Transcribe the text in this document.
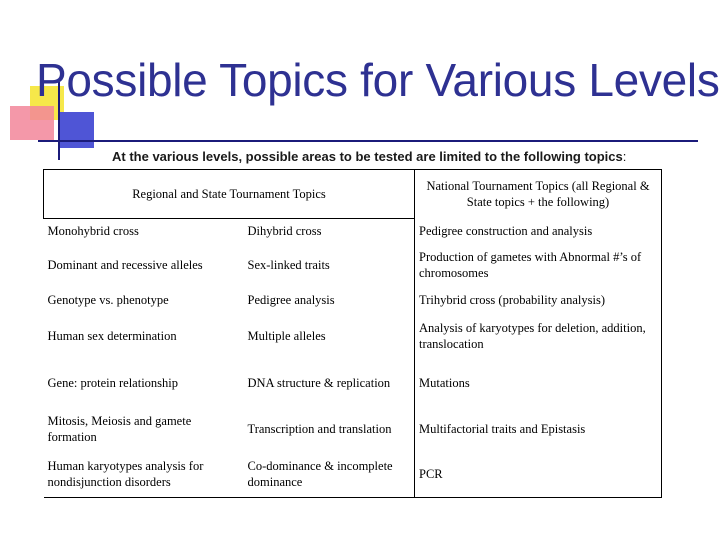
Possible Topics for Various Levels
At the various levels, possible areas to be tested are limited to the following topics:
Regional and State Tournament Topics		National Tournament Topics (all Regional & State topics + the following)
Monohybrid cross	Dihybrid cross	Pedigree construction and analysis
Dominant and recessive alleles	Sex-linked traits	Production of gametes with Abnormal #’s of chromosomes
Genotype vs. phenotype	Pedigree analysis	Trihybrid cross (probability analysis)
Human sex determination	Multiple alleles	Analysis of karyotypes for deletion, addition, translocation
Gene: protein relationship	DNA structure & replication	Mutations
Mitosis, Meiosis and gamete formation	Transcription and translation	Multifactorial traits and Epistasis
Human karyotypes analysis for nondisjunction disorders	Co-dominance & incomplete dominance	PCR
